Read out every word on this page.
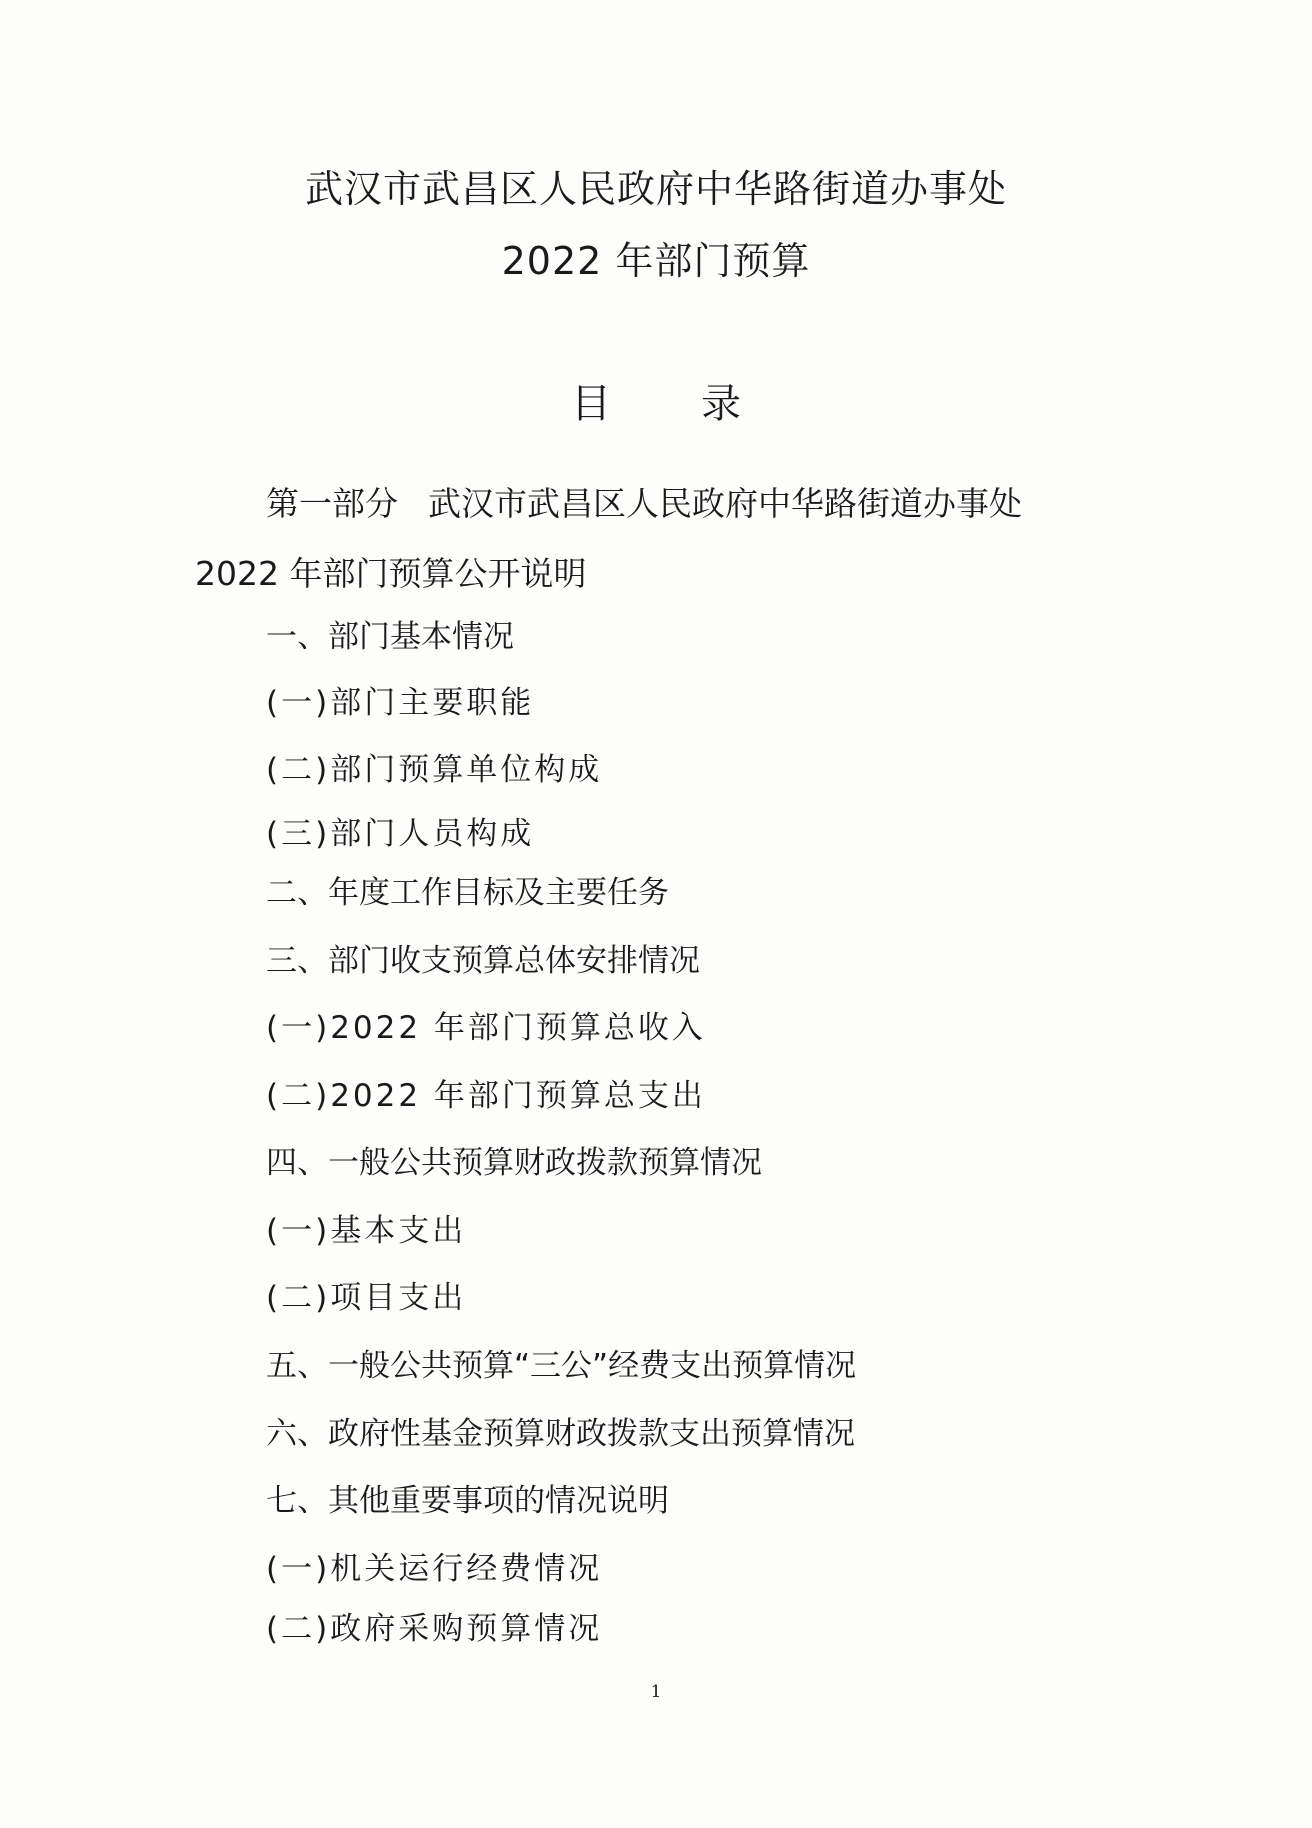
武汉市武昌区人民政府中华路街道办事处
2022 年部门预算
目录
第一部分 武汉市武昌区人民政府中华路街道办事处
2022 年部门预算公开说明
一、部门基本情况
(一)部门主要职能
(二)部门预算单位构成
(三)部门人员构成
二、年度工作目标及主要任务
三、部门收支预算总体安排情况
(一)2022 年部门预算总收入
(二)2022 年部门预算总支出
四、一般公共预算财政拨款预算情况
(一)基本支出
(二)项目支出
五、一般公共预算“三公”经费支出预算情况
六、政府性基金预算财政拨款支出预算情况
七、其他重要事项的情况说明
(一)机关运行经费情况
(二)政府采购预算情况
1
